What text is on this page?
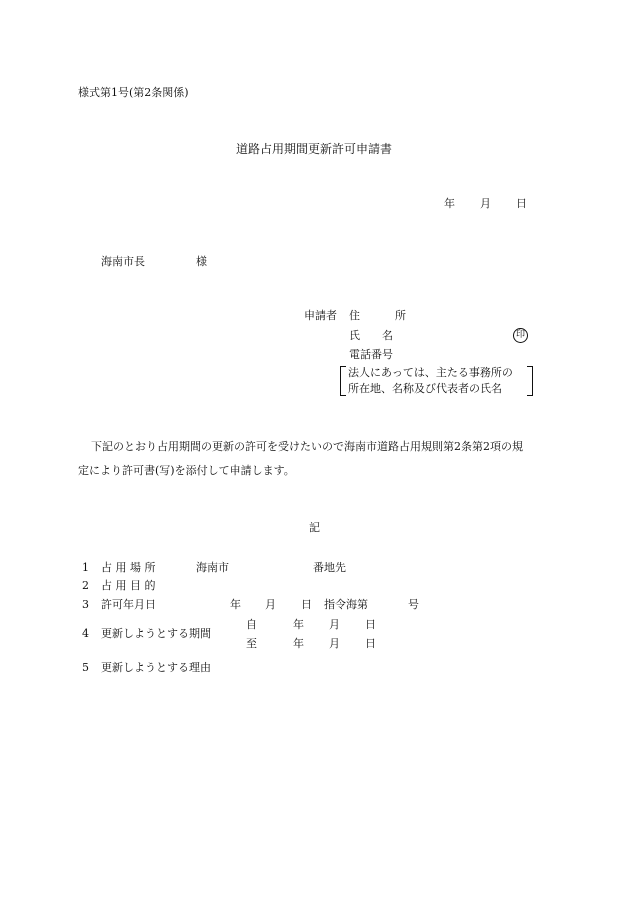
様式第1号(第2条関係)
道路占用期間更新許可申請書
年 月 日
海南市長	様
申請者 住　所
氏　　名	印
電話番号
法人にあっては、主たる事務所の
所在地、名称及び代表者の氏名
下記のとおり占用期間の更新の許可を受けたいので海南市道路占用規則第2条第2項の規
定により許可書(写)を添付して申請します。
記
1 占 用 場 所	海南市	番地先
2 占 用 目 的
3 許可年月日	年 月 日 指令海第	号
4 更新しようとする期間
自	年 月 日
至	年 月 日
5 更新しようとする理由
